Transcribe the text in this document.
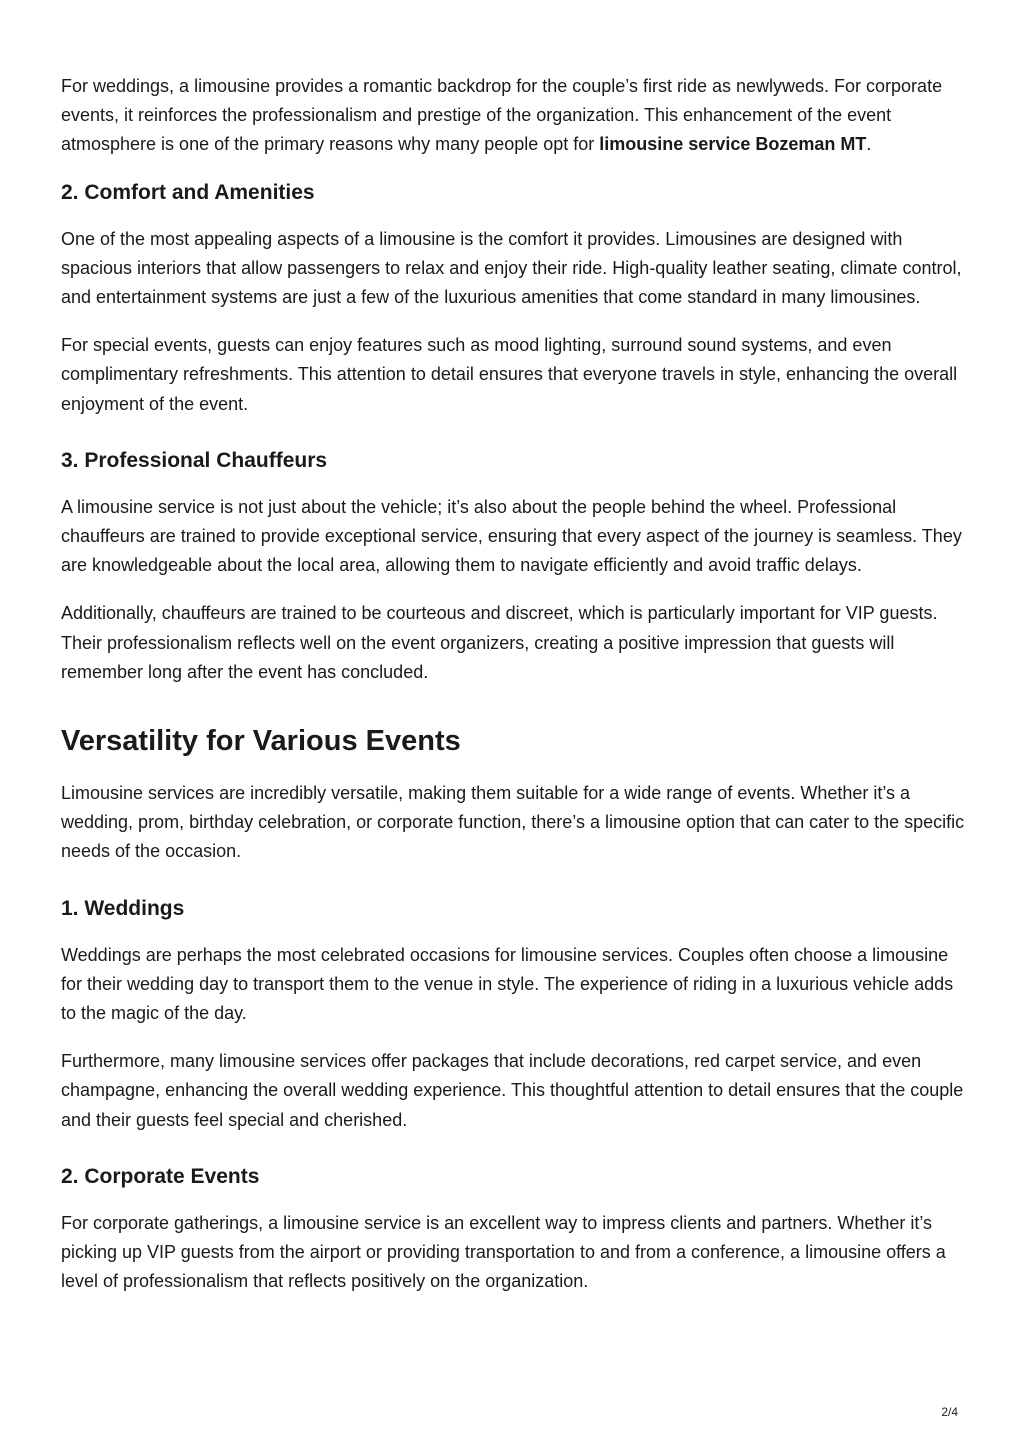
For weddings, a limousine provides a romantic backdrop for the couple’s first ride as newlyweds. For corporate events, it reinforces the professionalism and prestige of the organization. This enhancement of the event atmosphere is one of the primary reasons why many people opt for limousine service Bozeman MT.

2. Comfort and Amenities

One of the most appealing aspects of a limousine is the comfort it provides. Limousines are designed with spacious interiors that allow passengers to relax and enjoy their ride. High-quality leather seating, climate control, and entertainment systems are just a few of the luxurious amenities that come standard in many limousines.

For special events, guests can enjoy features such as mood lighting, surround sound systems, and even complimentary refreshments. This attention to detail ensures that everyone travels in style, enhancing the overall enjoyment of the event.

3. Professional Chauffeurs

A limousine service is not just about the vehicle; it’s also about the people behind the wheel. Professional chauffeurs are trained to provide exceptional service, ensuring that every aspect of the journey is seamless. They are knowledgeable about the local area, allowing them to navigate efficiently and avoid traffic delays.

Additionally, chauffeurs are trained to be courteous and discreet, which is particularly important for VIP guests. Their professionalism reflects well on the event organizers, creating a positive impression that guests will remember long after the event has concluded.

Versatility for Various Events

Limousine services are incredibly versatile, making them suitable for a wide range of events. Whether it’s a wedding, prom, birthday celebration, or corporate function, there’s a limousine option that can cater to the specific needs of the occasion.

1. Weddings

Weddings are perhaps the most celebrated occasions for limousine services. Couples often choose a limousine for their wedding day to transport them to the venue in style. The experience of riding in a luxurious vehicle adds to the magic of the day.

Furthermore, many limousine services offer packages that include decorations, red carpet service, and even champagne, enhancing the overall wedding experience. This thoughtful attention to detail ensures that the couple and their guests feel special and cherished.

2. Corporate Events

For corporate gatherings, a limousine service is an excellent way to impress clients and partners. Whether it’s picking up VIP guests from the airport or providing transportation to and from a conference, a limousine offers a level of professionalism that reflects positively on the organization.

2/4
